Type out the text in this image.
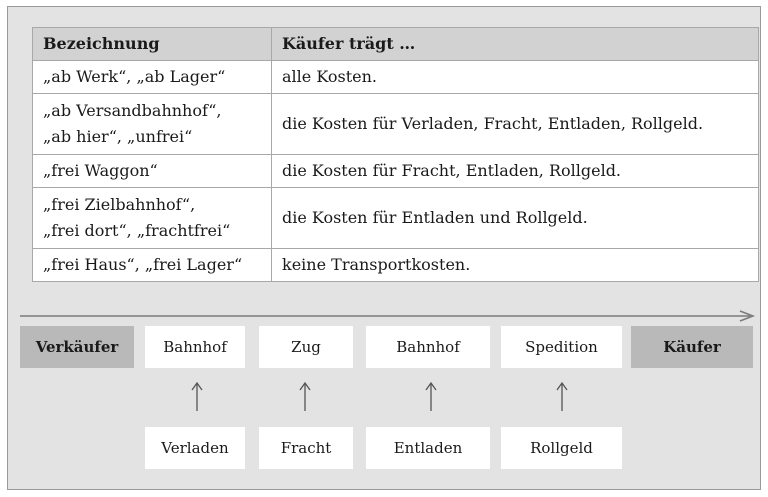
Bezeichnung	Käufer trägt …

„ab Werk“, „ab Lager“	alle Kosten.

„ab Versandbahnhof“,
„ab hier“, „unfrei“	die Kosten für Verladen, Fracht, Entladen, Rollgeld.

„frei Waggon“	die Kosten für Fracht, Entladen, Rollgeld.

„frei Zielbahnhof“,
„frei dort“, „frachtfrei“	die Kosten für Entladen und Rollgeld.

„frei Haus“, „frei Lager“	keine Transportkosten.
Verkäufer	Bahnhof	Zug	Bahnhof	Spedition	Käufer
Verladen	Fracht	Entladen	Rollgeld
